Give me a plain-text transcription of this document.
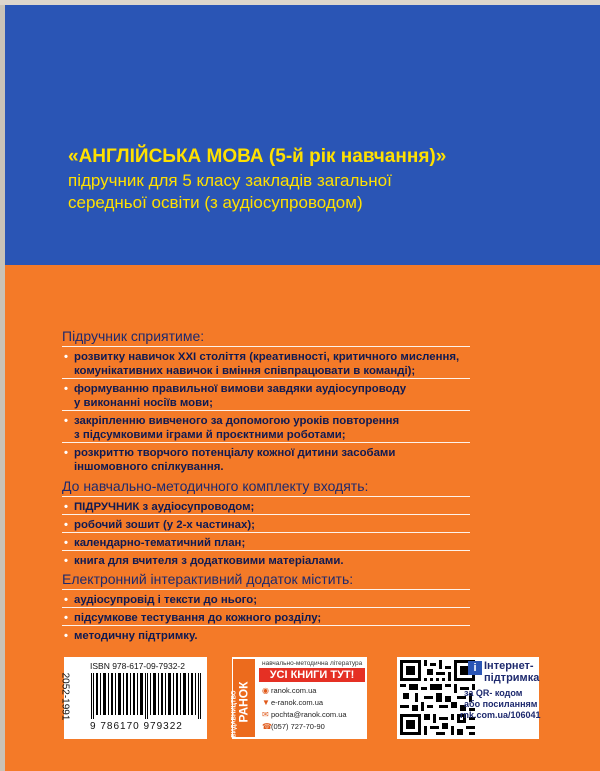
«АНГЛІЙСЬКА МОВА (5-й рік навчання)»
підручник для 5 класу закладів загальної
середньої освіти (з аудіосупроводом)
Підручник сприятиме:
• розвитку навичок XXI століття (креативності, критичного мислення,
комунікативних навичок і вміння співпрацювати в команді);
• формуванню правильної вимови завдяки аудіосупроводу
у виконанні носіїв мови;
• закріпленню вивченого за допомогою уроків повторення
з підсумковими іграми й проєктними роботами;
• розкриттю творчого потенціалу кожної дитини засобами
іншомовного спілкування.
До навчально-методичного комплекту входять:
• ПІДРУЧНИК з аудіосупроводом;
• робочий зошит (у 2-х частинах);
• календарно-тематичний план;
• книга для вчителя з додатковими матеріалами.
Електронний інтерактивний додаток містить:
• аудіосупровід і тексти до нього;
• підсумкове тестування до кожного розділу;
• методичну підтримку.
2052-1991
ISBN 978-617-09-7932-2
9 786170 979322	ВИДАВНИЦТВО
РАНОК
навчально-методична література
УСІ КНИГИ ТУТ!
◉ ranok.com.ua
▼e-ranok.com.ua
✉ pochta@ranok.com.ua
☎(057) 727-70-90
i Інтернет-
підтримка
за QR- кодом
або посиланням
rnk.com.ua/106041
